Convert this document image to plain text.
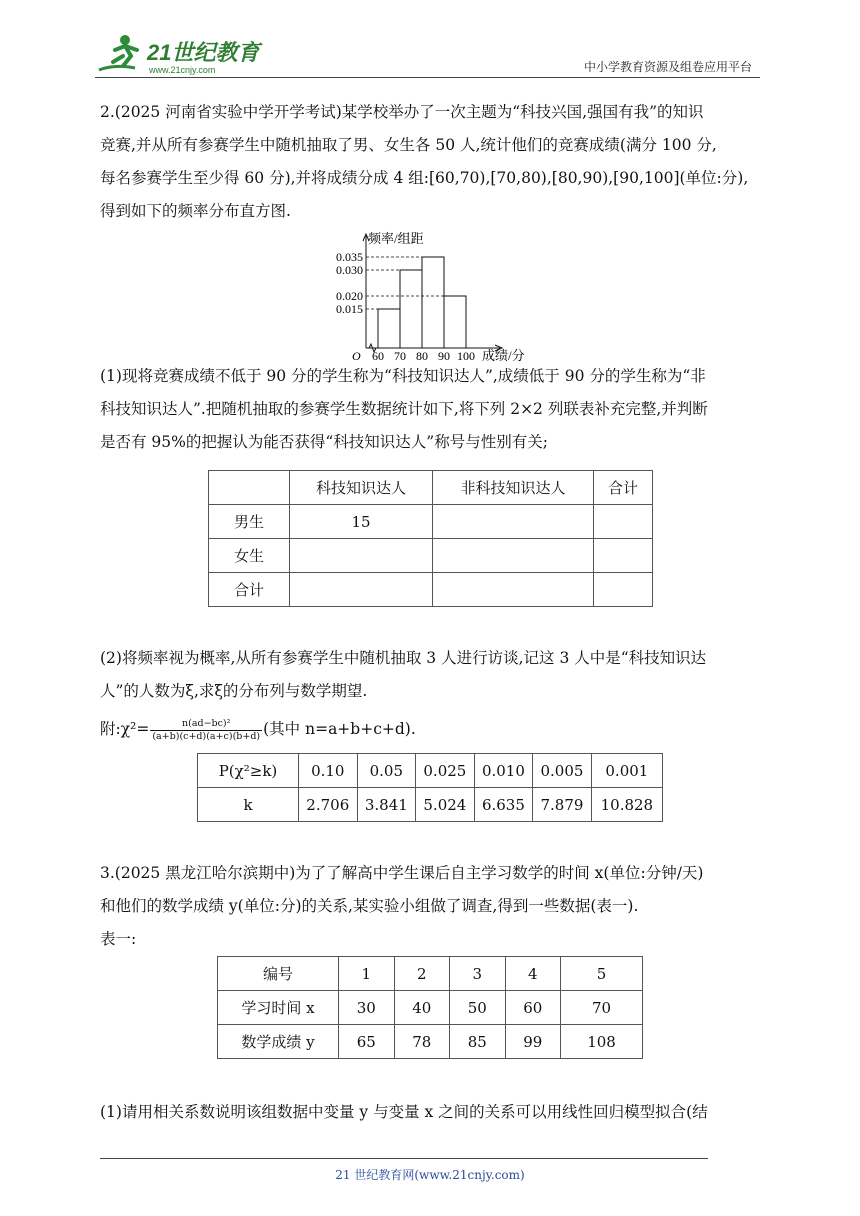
21世纪教育
www.21cnjy.com	中小学教育资源及组卷应用平台
2.(2025 河南省实验中学开学考试)某学校举办了一次主题为“科技兴国,强国有我”的知识
竞赛,并从所有参赛学生中随机抽取了男、女生各 50 人,统计他们的竞赛成绩(满分 100 分,
每名参赛学生至少得 60 分),并将成绩分成 4 组:[60,70),[70,80),[80,90),[90,100](单位:分),
得到如下的频率分布直方图.
0.015
0.020
0.030
0.035
60 70 80 90 100
频率/组距
成绩/分
O
(1)现将竞赛成绩不低于 90 分的学生称为“科技知识达人”,成绩低于 90 分的学生称为“非
科技知识达人”.把随机抽取的参赛学生数据统计如下,将下列 2×2 列联表补充完整,并判断
是否有 95%的把握认为能否获得“科技知识达人”称号与性别有关;
	科技知识达人	非科技知识达人	合计
男生	15		
女生			
合计			
(2)将频率视为概率,从所有参赛学生中随机抽取 3 人进行访谈,记这 3 人中是“科技知识达
人”的人数为ξ,求ξ的分布列与数学期望.
附:χ²= $\frac{\text{n(ad−bc)²}}{(a+b)(c+d)(a+c)(b+d)}$ (其中 n=a+b+c+d).
P(χ²≥k)	0.10	0.05	0.025	0.010	0.005	0.001
k	2.706	3.841	5.024	6.635	7.879	10.828
3.(2025 黑龙江哈尔滨期中)为了了解高中学生课后自主学习数学的时间 x(单位:分钟/天)
和他们的数学成绩 y(单位:分)的关系,某实验小组做了调查,得到一些数据(表一).
表一:
编号	1	2	3	4	5
学习时间 x	30	40	50	60	70
数学成绩 y	65	78	85	99	108
(1)请用相关系数说明该组数据中变量 y 与变量 x 之间的关系可以用线性回归模型拟合(结
21 世纪教育网(www.21cnjy.com)
